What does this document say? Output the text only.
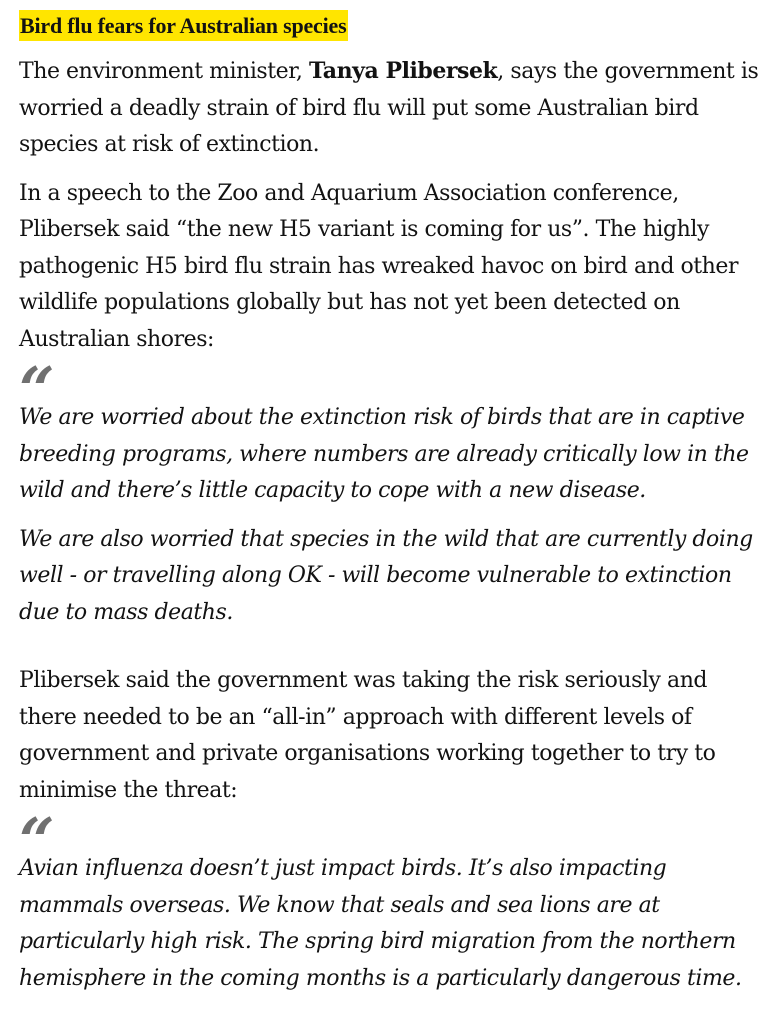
Bird flu fears for Australian species

The environment minister, Tanya Plibersek, says the government is worried a deadly strain of bird flu will put some Australian bird species at risk of extinction.

In a speech to the Zoo and Aquarium Association conference, Plibersek said “the new H5 variant is coming for us”. The highly pathogenic H5 bird flu strain has wreaked havoc on bird and other wildlife populations globally but has not yet been detected on Australian shores:

“

We are worried about the extinction risk of birds that are in captive breeding programs, where numbers are already critically low in the wild and there’s little capacity to cope with a new disease.

We are also worried that species in the wild that are currently doing well - or travelling along OK - will become vulnerable to extinction due to mass deaths.

Plibersek said the government was taking the risk seriously and there needed to be an “all-in” approach with different levels of government and private organisations working together to try to minimise the threat:

“

Avian influenza doesn’t just impact birds. It’s also impacting mammals overseas. We know that seals and sea lions are at particularly high risk. The spring bird migration from the northern hemisphere in the coming months is a particularly dangerous time.
